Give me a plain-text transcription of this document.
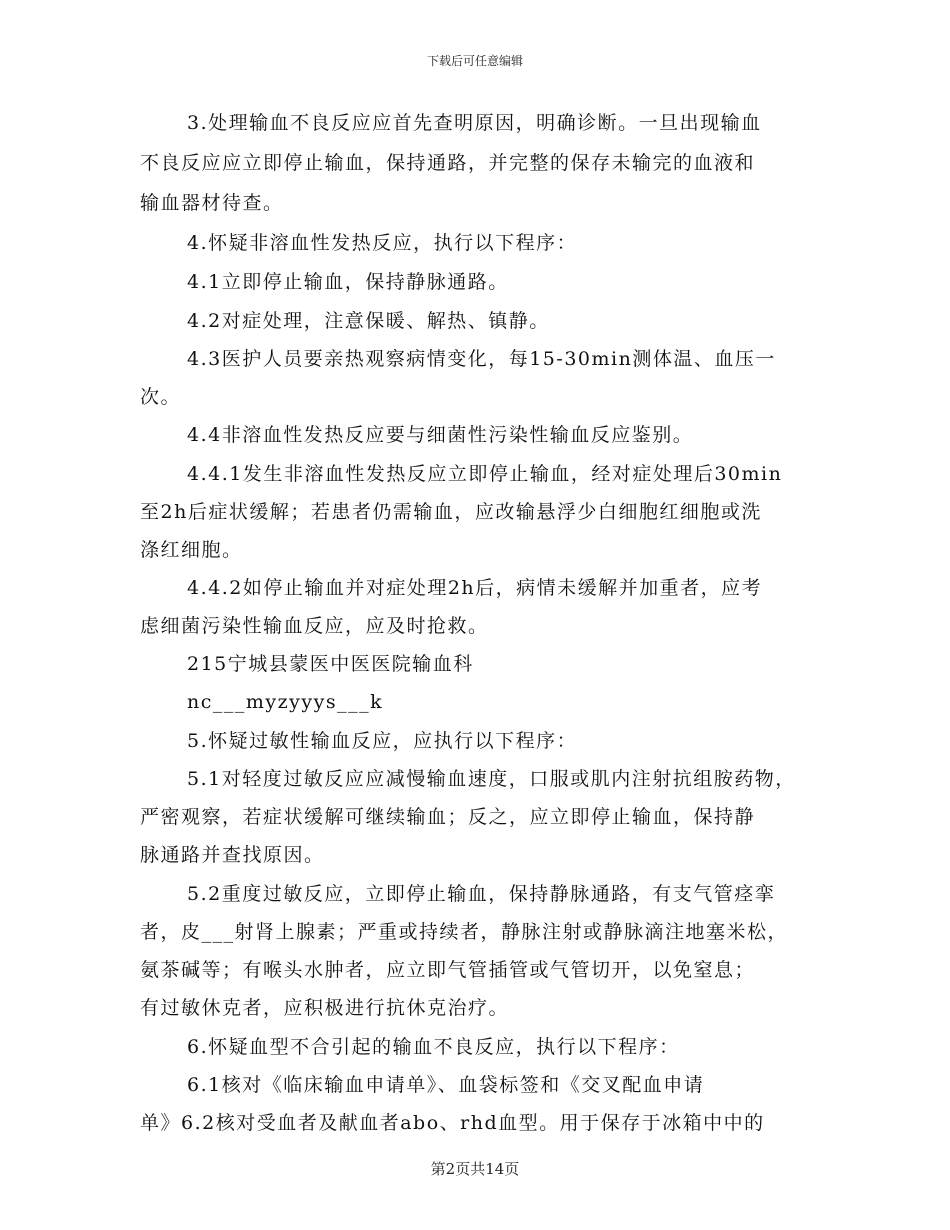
下载后可任意编辑
3.处理输血不良反应应首先查明原因，明确诊断。一旦出现输血
不良反应应立即停止输血，保持通路，并完整的保存未输完的血液和
输血器材待查。
4.怀疑非溶血性发热反应，执行以下程序：
4.1立即停止输血，保持静脉通路。
4.2对症处理，注意保暖、解热、镇静。
4.3医护人员要亲热观察病情变化，每15-30min测体温、血压一
次。
4.4非溶血性发热反应要与细菌性污染性输血反应鉴别。
4.4.1发生非溶血性发热反应立即停止输血，经对症处理后30min
至2h后症状缓解；若患者仍需输血，应改输悬浮少白细胞红细胞或洗
涤红细胞。
4.4.2如停止输血并对症处理2h后，病情未缓解并加重者，应考
虑细菌污染性输血反应，应及时抢救。
215宁城县蒙医中医医院输血科
nc___myzyyys___k
5.怀疑过敏性输血反应，应执行以下程序：
5.1对轻度过敏反应应减慢输血速度，口服或肌内注射抗组胺药物，
严密观察，若症状缓解可继续输血；反之，应立即停止输血，保持静
脉通路并查找原因。
5.2重度过敏反应，立即停止输血，保持静脉通路，有支气管痉挛
者，皮___射肾上腺素；严重或持续者，静脉注射或静脉滴注地塞米松，
氨茶碱等；有喉头水肿者，应立即气管插管或气管切开，以免窒息；
有过敏休克者，应积极进行抗休克治疗。
6.怀疑血型不合引起的输血不良反应，执行以下程序：
6.1核对《临床输血申请单》、血袋标签和《交叉配血申请
单》6.2核对受血者及献血者abo、rhd血型。用于保存于冰箱中中的
第2页共14页
